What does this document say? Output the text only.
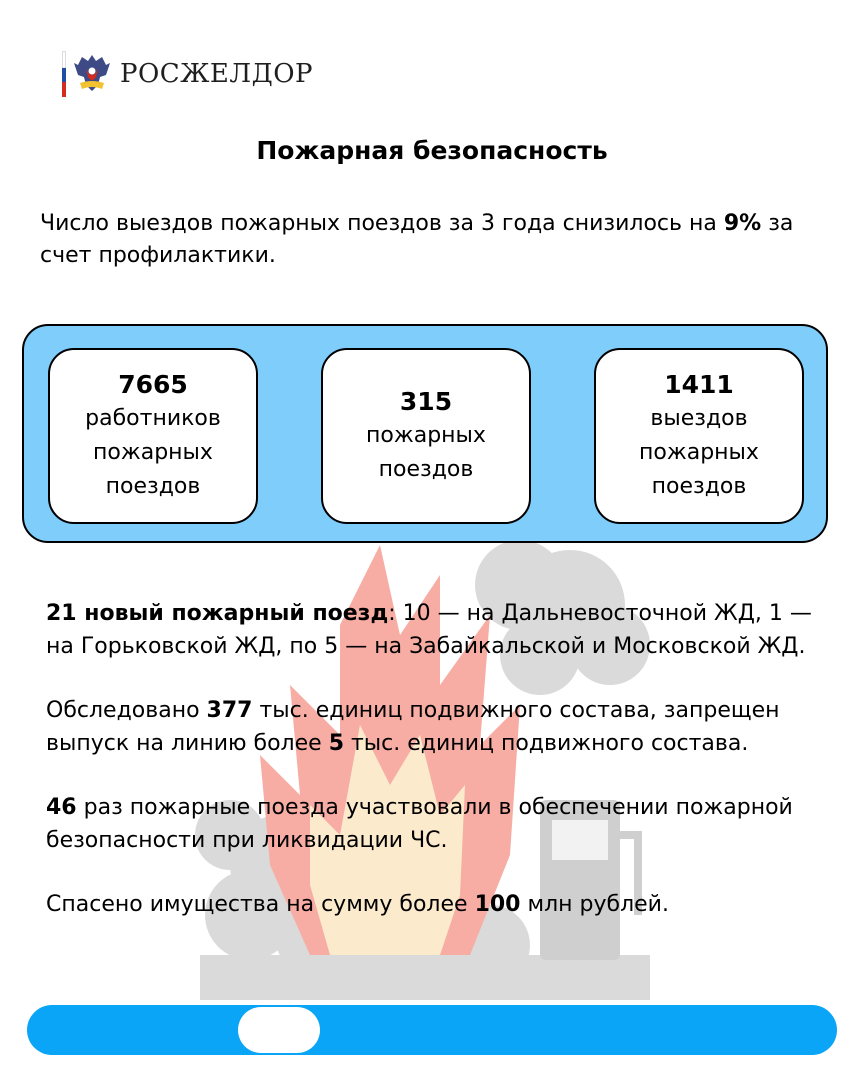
РОСЖЕЛДОР
Пожарная безопасность
Число выездов пожарных поездов за 3 года снизилось на 9% за счет профилактики.
7665
работников пожарных поездов
315
пожарных поездов
1411
выездов пожарных поездов

21 новый пожарный поезд: 10 — на Дальневосточной ЖД, 1 — на Горьковской ЖД, по 5 — на Забайкальской и Московской ЖД.

Обследовано 377 тыс. единиц подвижного состава, запрещен выпуск на линию более 5 тыс. единиц подвижного состава.

46 раз пожарные поезда участвовали в обеспечении пожарной безопасности при ликвидации ЧС.

Спасено имущества на сумму более 100 млн рублей.
